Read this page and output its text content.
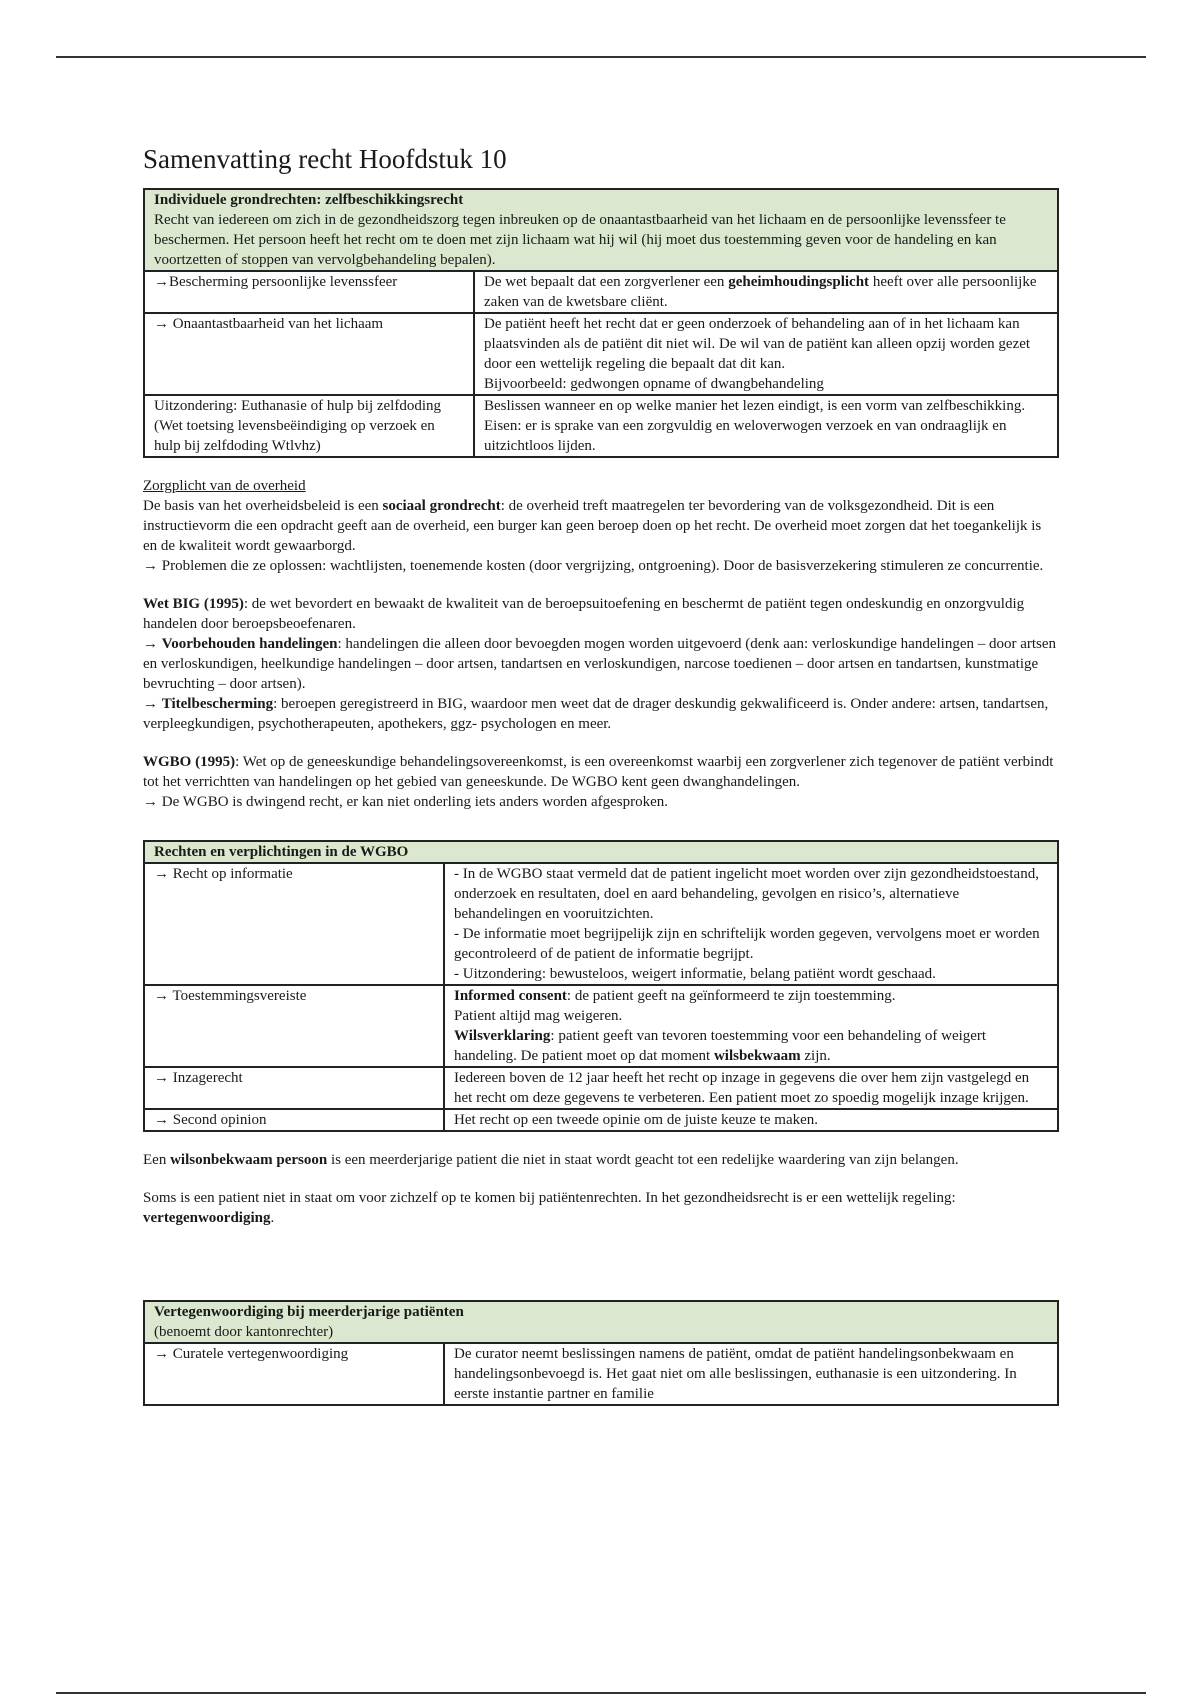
Samenvatting recht Hoofdstuk 10
Individuele grondrechten: zelfbeschikkingsrecht
Recht van iedereen om zich in de gezondheidszorg tegen inbreuken op de onaantastbaarheid van het lichaam en de persoonlijke levenssfeer te beschermen. Het persoon heeft het recht om te doen met zijn lichaam wat hij wil (hij moet dus toestemming geven voor de handeling en kan voortzetten of stoppen van vervolgbehandeling bepalen).	
→Bescherming persoonlijke levenssfeer	De wet bepaalt dat een zorgverlener een geheimhoudingsplicht heeft over alle persoonlijke zaken van de kwetsbare cliënt.
→ Onaantastbaarheid van het lichaam	De patiënt heeft het recht dat er geen onderzoek of behandeling aan of in het lichaam kan plaatsvinden als de patiënt dit niet wil. De wil van de patiënt kan alleen opzij worden gezet door een wettelijk regeling die bepaalt dat dit kan.

Bijvoorbeeld: gedwongen opname of dwangbehandeling

Uitzondering: Euthanasie of hulp bij zelfdoding (Wet toetsing levensbeëindiging op verzoek en hulp bij zelfdoding Wtlvhz)	Beslissen wanneer en op welke manier het lezen eindigt, is een vorm van zelfbeschikking.

Eisen: er is sprake van een zorgvuldig en weloverwogen verzoek en van ondraaglijk en uitzichtloos lijden.

Zorgplicht van de overheid

De basis van het overheidsbeleid is een sociaal grondrecht: de overheid treft maatregelen ter bevordering van de volksgezondheid. Dit is een instructievorm die een opdracht geeft aan de overheid, een burger kan geen beroep doen op het recht. De overheid moet zorgen dat het toegankelijk is en de kwaliteit wordt gewaarborgd.

→ Problemen die ze oplossen: wachtlijsten, toenemende kosten (door vergrijzing, ontgroening). Door de basisverzekering stimuleren ze concurrentie.

Wet BIG (1995): de wet bevordert en bewaakt de kwaliteit van de beroepsuitoefening en beschermt de patiënt tegen ondeskundig en onzorgvuldig handelen door beroepsbeoefenaren.

→ Voorbehouden handelingen: handelingen die alleen door bevoegden mogen worden uitgevoerd (denk aan: verloskundige handelingen – door artsen en verloskundigen, heelkundige handelingen – door artsen, tandartsen en verloskundigen, narcose toedienen – door artsen en tandartsen, kunstmatige bevruchting – door artsen).

→ Titelbescherming: beroepen geregistreerd in BIG, waardoor men weet dat de drager deskundig gekwalificeerd is. Onder andere: artsen, tandartsen, verpleegkundigen, psychotherapeuten, apothekers, ggz- psychologen en meer.

WGBO (1995): Wet op de geneeskundige behandelingsovereenkomst, is een overeenkomst waarbij een zorgverlener zich tegenover de patiënt verbindt tot het verrichtten van handelingen op het gebied van geneeskunde. De WGBO kent geen dwanghandelingen.

→ De WGBO is dwingend recht, er kan niet onderling iets anders worden afgesproken.

Rechten en verplichtingen in de WGBO	

→ Recht op informatie	- In de WGBO staat vermeld dat de patient ingelicht moet worden over zijn gezondheidstoestand, onderzoek en resultaten, doel en aard behandeling, gevolgen en risico’s, alternatieve behandelingen en vooruitzichten.

- De informatie moet begrijpelijk zijn en schriftelijk worden gegeven, vervolgens moet er worden gecontroleerd of de patient de informatie begrijpt.

- Uitzondering: bewusteloos, weigert informatie, belang patiënt wordt geschaad.

→ Toestemmingsvereiste	Informed consent: de patient geeft na geïnformeerd te zijn toestemming.

Patient altijd mag weigeren.

Wilsverklaring: patient geeft van tevoren toestemming voor een behandeling of weigert handeling. De patient moet op dat moment wilsbekwaam zijn.

→ Inzagerecht	Iedereen boven de 12 jaar heeft het recht op inzage in gegevens die over hem zijn vastgelegd en het recht om deze gegevens te verbeteren. Een patient moet zo spoedig mogelijk inzage krijgen.
→ Second opinion	Het recht op een tweede opinie om de juiste keuze te maken.

Een wilsonbekwaam persoon is een meerderjarige patient die niet in staat wordt geacht tot een redelijke waardering van zijn belangen.

Soms is een patient niet in staat om voor zichzelf op te komen bij patiëntenrechten. In het gezondheidsrecht is er een wettelijk regeling: vertegenwoordiging.

Vertegenwoordiging bij meerderjarige patiënten
(benoemt door kantonrechter)
→ Curatele vertegenwoordiging	De curator neemt beslissingen namens de patiënt, omdat de patiënt handelingsonbekwaam en handelingsonbevoegd is. Het gaat niet om alle beslissingen, euthanasie is een uitzondering. In eerste instantie partner en familie
